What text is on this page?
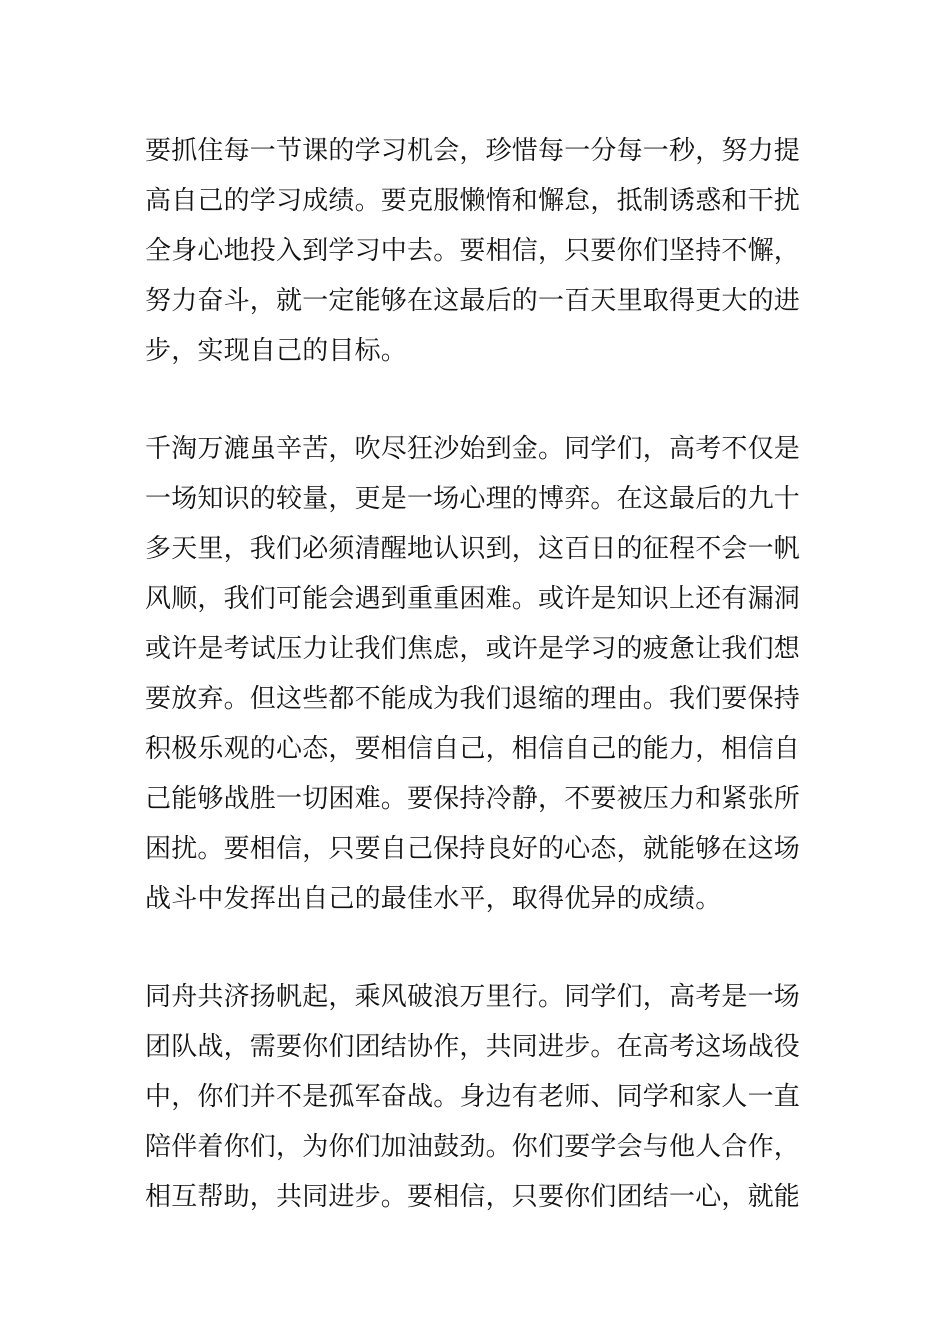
要抓住每一节课的学习机会，珍惜每一分每一秒，努力提
高自己的学习成绩。要克服懒惰和懈怠，抵制诱惑和干扰
全身心地投入到学习中去。要相信，只要你们坚持不懈，
努力奋斗，就一定能够在这最后的一百天里取得更大的进
步，实现自己的目标。
千淘万漉虽辛苦，吹尽狂沙始到金。同学们，高考不仅是
一场知识的较量，更是一场心理的博弈。在这最后的九十
多天里，我们必须清醒地认识到，这百日的征程不会一帆
风顺，我们可能会遇到重重困难。或许是知识上还有漏洞
或许是考试压力让我们焦虑，或许是学习的疲惫让我们想
要放弃。但这些都不能成为我们退缩的理由。我们要保持
积极乐观的心态，要相信自己，相信自己的能力，相信自
己能够战胜一切困难。要保持冷静，不要被压力和紧张所
困扰。要相信，只要自己保持良好的心态，就能够在这场
战斗中发挥出自己的最佳水平，取得优异的成绩。
同舟共济扬帆起，乘风破浪万里行。同学们，高考是一场
团队战，需要你们团结协作，共同进步。在高考这场战役
中，你们并不是孤军奋战。身边有老师、同学和家人一直
陪伴着你们，为你们加油鼓劲。你们要学会与他人合作，
相互帮助，共同进步。要相信，只要你们团结一心，就能
